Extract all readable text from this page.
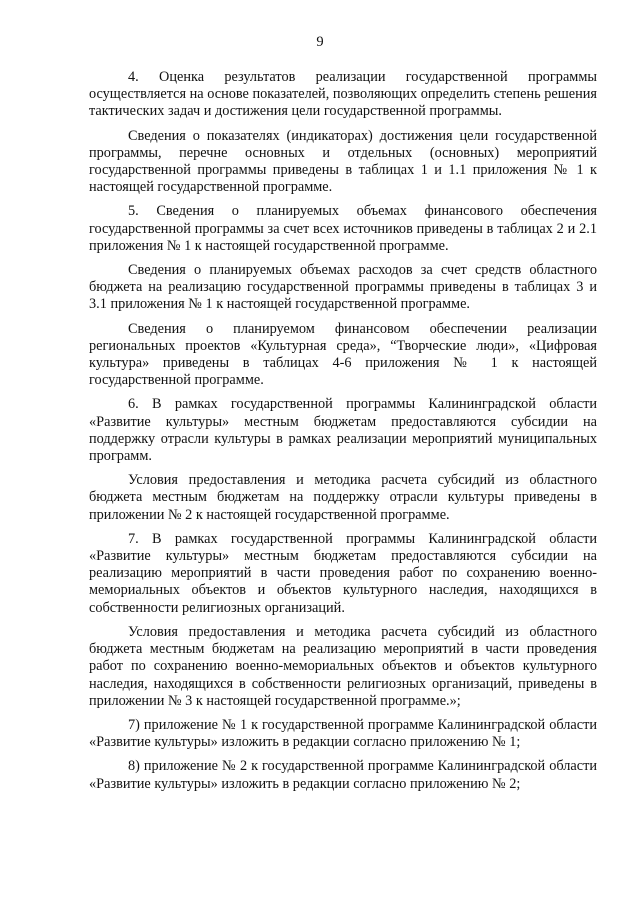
9

4. Оценка результатов реализации государственной программы осуществляется на основе показателей, позволяющих определить степень решения тактических задач и достижения цели государственной программы.

Сведения о показателях (индикаторах) достижения цели государственной программы, перечне основных и отдельных (основных) мероприятий государственной программы приведены в таблицах 1 и 1.1 приложения № 1 к настоящей государственной программе.

5. Сведения о планируемых объемах финансового обеспечения государственной программы за счет всех источников приведены в таблицах 2 и 2.1 приложения № 1 к настоящей государственной программе.

Сведения о планируемых объемах расходов за счет средств областного бюджета на реализацию государственной программы приведены в таблицах 3 и 3.1 приложения № 1 к настоящей государственной программе.

Сведения о планируемом финансовом обеспечении реализации региональных проектов «Культурная среда», “Творческие люди», «Цифровая культура» приведены в таблицах 4-6 приложения № 1 к настоящей государственной программе.

6. В рамках государственной программы Калининградской области «Развитие культуры» местным бюджетам предоставляются субсидии на поддержку отрасли культуры в рамках реализации мероприятий муниципальных программ.

Условия предоставления и методика расчета субсидий из областного бюджета местным бюджетам на поддержку отрасли культуры приведены в приложении № 2 к настоящей государственной программе.

7. В рамках государственной программы Калининградской области «Развитие культуры» местным бюджетам предоставляются субсидии на реализацию мероприятий в части проведения работ по сохранению военно-мемориальных объектов и объектов культурного наследия, находящихся в собственности религиозных организаций.

Условия предоставления и методика расчета субсидий из областного бюджета местным бюджетам на реализацию мероприятий в части проведения работ по сохранению военно-мемориальных объектов и объектов культурного наследия, находящихся в собственности религиозных организаций, приведены в приложении № 3 к настоящей государственной программе.»;

7) приложение № 1 к государственной программе Калининградской области «Развитие культуры» изложить в редакции согласно приложению № 1;

8) приложение № 2 к государственной программе Калининградской области «Развитие культуры» изложить в редакции согласно приложению № 2;
